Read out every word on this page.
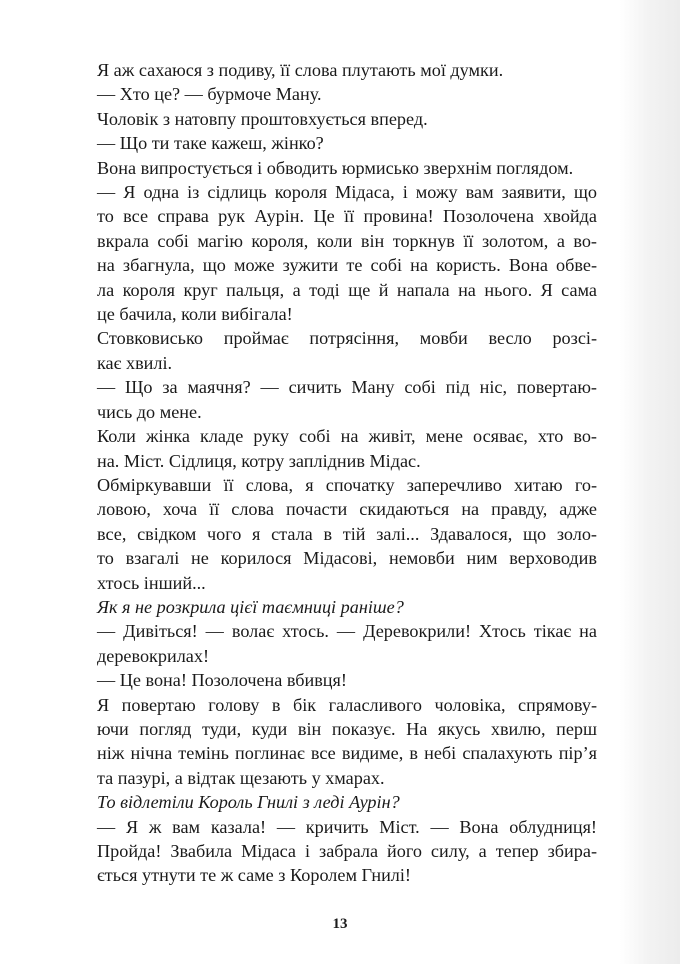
Я аж сахаюся з подиву, її слова плутають мої думки.

— Хто це? — бурмоче Ману.

Чоловік з натовпу проштовхується вперед.

— Що ти таке кажеш, жінко?

Вона випростується і обводить юрмисько зверхнім поглядом.

— Я одна із сідлиць короля Мідаса, і можу вам заявити, що
то все справа рук Аурін. Це її провина! Позолочена хвойда
вкрала собі магію короля, коли він торкнув її золотом, а во-
на збагнула, що може зужити те собі на користь. Вона обве-
ла короля круг пальця, а тоді ще й напала на нього. Я сама
це бачила, коли вибігала!

Стовковисько проймає потрясіння, мовби весло розсі-
кає хвилі.

— Що за маячня? — сичить Ману собі під ніс, повертаю-
чись до мене.

Коли жінка кладе руку собі на живіт, мене осяває, хто во-
на. Міст. Сідлиця, котру запліднив Мідас.

Обміркувавши її слова, я спочатку заперечливо хитаю го-
ловою, хоча її слова почасти скидаються на правду, адже
все, свідком чого я стала в тій залі... Здавалося, що золо-
то взагалі не корилося Мідасові, немовби ним верховодив
хтось інший...

Як я не розкрила цієї таємниці раніше?

— Дивіться! — волає хтось. — Деревокрили! Хтось тікає на
деревокрилах!

— Це вона! Позолочена вбивця!

Я повертаю голову в бік галасливого чоловіка, спрямову-
ючи погляд туди, куди він показує. На якусь хвилю, перш
ніж нічна темінь поглинає все видиме, в небі спалахують пір’я
та пазурі, а відтак щезають у хмарах.

То відлетіли Король Гнилі з леді Аурін?

— Я ж вам казала! — кричить Міст. — Вона облудниця!
Пройда! Звабила Мідаса і забрала його силу, а тепер збира-
ється утнути те ж саме з Королем Гнилі!

13
